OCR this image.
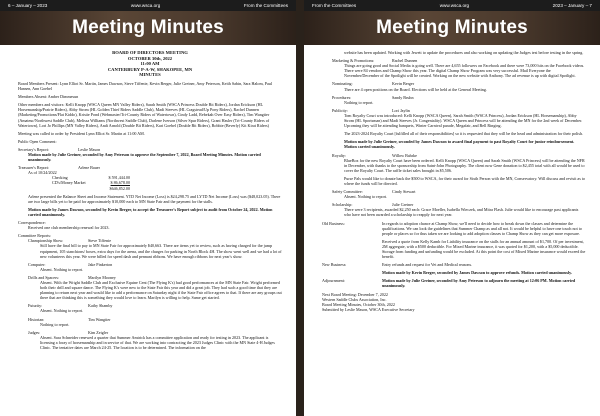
6 – January – 2023	www.wsca.org	From the Committees
Meeting Minutes
BOARD OF DIRECTORS MEETING
OCTOBER 30th, 2022
11:00 AM
CANTERBURY P-A-W, SHAKOPEE, MN
MINUTES

Board Members Present: Lynn Elliot Sr. Martin, James Dawson, Steve Tiffenie, Kevin Berger, Julie Greiner, Amy Peterson, Keith Sabin, Sara Halom, Paul Hansen, Ann Goebel

Members Absent: Amber Dimmesun

Other members and visitors: Kelli Knopp (WSCA Queen MN Valley Riders), Sarah Smith (WSCA Princess Double Bit Riders), Jordan Erickson (HL Horsemanship/Prairie Riders), Abby Strom (HL Golden Thief Riders Saddle Club), Madi Steeves (HL Cragstead/Up Pony Riders), Rachel Dunnen (Marketing/Promotions/Flat Kiddo), Kristie Pond (Webmaster/Tri-County Riders of Watertown), Cindy Ladd, Rebekah Over Easy Riders), Tim Wangtier (Amateur/Northwest Saddle Club), Melissa Williams (Northwest Saddle Club), Darlene Iverson (Silver Spur Riders), Grant Hasler (Tri-County Riders of Watertown), Lori Jo Phillips (MN Valley Riders), Andi Arnold (Double Bit Riders), Kari Goebel (Double Bit Riders), Bobbie (Beverly) Kit Kirat Riders)

Meeting was called to order by President Lynn Elliot Sr. Martin at 11:00 AM.

Public Open Comment:

Secretary's Report:	Leslie Mason

Motion made by Julie Greiner, seconded by Amy Peterson to approve the September 7, 2022, Board Meeting Minutes. Motion carried unanimously.

Treasurer's Report:	Arlene Bauer
As of 10/24/2022
Checking	$ 591,444.00
CD's/Money Market	$ 86,678.00
$646,852.00

Arlene presented the Balance Sheet and Income Statement. YTD Net Income (Loss) is $24,298.75 and LYTD Net Income (Loss) was ($48,023.05). There are two large bills yet to be paid for approximately $10,000 each to MN State Fair and the payment for the stalls.

Motion made by James Dawson, seconded by Kevin Berger, to accept the Treasurer's Report subject to audit from October 24, 2022. Motion carried unanimously.

Correspondence:

Received one club membership renewal for 2023.

Committee Reports:
Championship Show:	Steve Tiffenie

Still have the final bill to pay to MN State Fair for approximately $40,663. There are items yet to review, such as having charged for the jump equipment, 105 stanchions/ boxes, extra days for the arena, and the charges for parking in North Block 4H. The show went well and we had a lot of new volunteers this year. We were billed for speed dash and pennant ribbons. We have enough ribbons for next year's show.

Computer:	Jake Pinkerton

Absent. Nothing to report.

Drills and Spacers:	Marilyn Mooney

Absent. With the Wright Saddle Club and Exclusive Equine Cent (The Flying K's) had good performances at the MN State Fair. Wright performed both their drill and square dance. The Flying K's were new to the State Fair this year and did a great job. They had such a good time that they are planning to return next year and would like to add a performance on Saturday night if the State Fair office agrees to that. If there are any groups out there that are thinking this is something they would love to learn. Marilyn is willing to help. Same get started.

Futurity:	Kathy Shamby

Absent. Nothing to report.

Historian:	Tim Wangtier

Nothing to report.

Judges:	Kim Zeigler

Absent. Sara Schneider renewed a quarter that Summer Amtrick has a committee application and ready for testing in 2023. The applicant is licensing a foray of horsemanship and in service of that. We are working into contracting the 2023 Judges Clinic with the MN State 4-H Judges Clinic. The tentative dates are March 24-25. The location is to be determined. The information on the

From the Committees	www.wsca.org	2023 – January – 7
Meeting Minutes

website has been updated. Working with Jewett to update the procedures and also working on updating the Judges test before testing in the spring.

Marketing & Promotions:	Rachel Dunnen

Things are going good and Social Media is going well. There are 4,655 followers on Facebook and there were 73,000 hits on the Facebook videos. There were 84 vendors and Champ Show this year. The digital Champ Show Program was very successful. Mail Everyone the November/December of the Spotlight will be created. Working on the new website with Anthony. The ad revenue is up with digital Spotlight.

Nominating:	Kevin Berger

There are 4 open positions on the Board. Elections will be held at the General Meeting.

Procedures:	Sandy Bruhn

Nothing to report.

Publicity:	Lori Jaylin

Tom Royalty Court was introduced: Kelli Knopp (WSCA Queen), Sarah Smith (WSCA Princess), Jordan Erickson (HL Horsemanship), Abby Strom (HL Sportsman) and Madi Steeves (Jr. Congeniality). WSCA Queen and Princess will be attending the MN for the 2nd week of December. Upcoming they will be attending banquets, Winter Carnival parade, Megafair, and Bell Ringing.

The 2023-2024 Royalty Court [fulfilled all of their responsibilities] so it is requested that they will be the head and administration for their polish.

Motion made by Julie Greiner, seconded by James Dawson to award final payment to past Royalty Court for junior reimbursement. Motion carried unanimously.

Royalty:	Willow Bahrke

BlueBox for the new Royalty Court have been ordered. Kelli Knopp (WSCA Queen) and Sarah Smith (WSCA Princess) will be attending the NFR in December, with thanks to the sponsorship from Saint-John Photography. The client now Gene donation to $2,455 total with all would be used to cover the Royalty Court. The raffle ticket sales brought in $5,506.

Purse Pals would like to donate back the $500 to WSCA, for their award for Sixth Person with the MN, Conservatory. Will discuss and revisit as to where the funds will be directed.

Safety Committee:	Cindy Stewart

Absent. Nothing to report.

Scholarship:	Julie Greiner

There were 3 recipients, awarded $2,250 each: Grace Moeller, Isabella Wieczek, and Mitra Flash. Julie would like to encourage past applicants who have not been awarded a scholarship to reapply for next year.

Old Business:	In regards to adoption chance at Champ Show, we'll need to decide how to break down the classes and determine the qualifications. We can look the guidelines that Summer Champ as and all not. It would be helpful to have one touch not to people or places so for thus taken we are looking to add adoption classes to Champ Show as they can get more exposure.

Received a quote from Kelly Kamb for Liability insurance on the stalls for an annual amount of $1,700. Of per investment, 2M aggregate, with a $500 deductible. For Mixed Marine insurance, it was quoted for $1,200, with a $5,000 deductible. Storage from funding and unfunding would be excluded. At this point the cost of Mixed Marine insurance would exceed the benefit.

New Business:	Entry refunds and request for Vet and Medical reasons.

Motion made by Kevin Berger, seconded by James Dawson to approve refunds. Motion carried unanimously.

Adjournment:	Motion made by Julie Greiner, seconded by Amy Peterson to adjourn the meeting at 12:06 PM. Motion carried unanimously.
Next Board Meeting: December 7, 2022
Western Saddle Clubs Association, Inc.
Board Meeting Minutes, October 30th, 2022
Submitted by Leslie Mason, WSCA Executive Secretary
